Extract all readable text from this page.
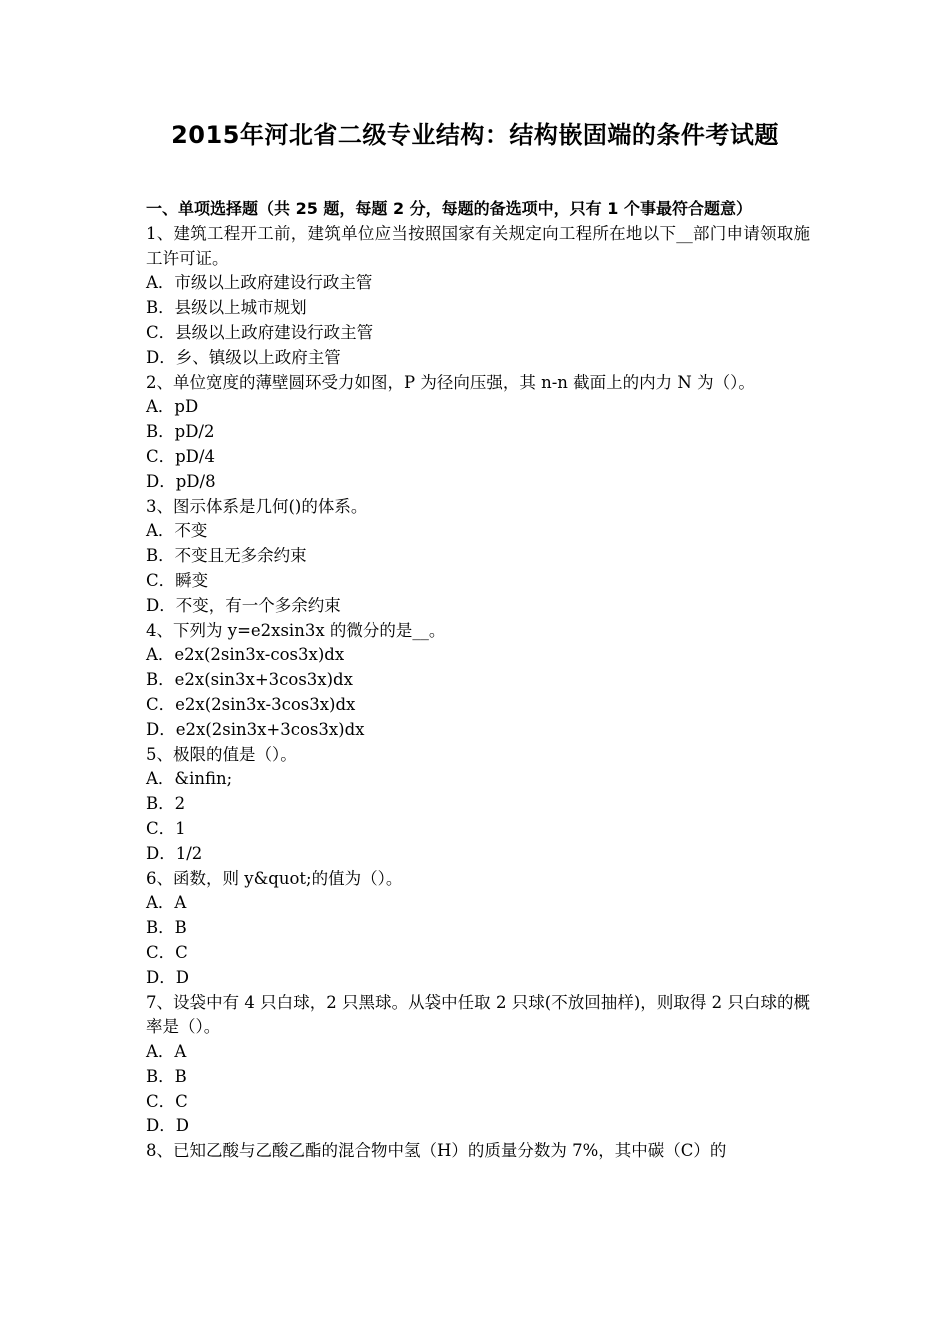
2015年河北省二级专业结构：结构嵌固端的条件考试题

一、单项选择题（共 25 题，每题 2 分，每题的备选项中，只有 1 个事最符合题意）

1、建筑工程开工前，建筑单位应当按照国家有关规定向工程所在地以下__部门申请领取施工许可证。
A．市级以上政府建设行政主管
B．县级以上城市规划
C．县级以上政府建设行政主管
D．乡、镇级以上政府主管
2、单位宽度的薄壁圆环受力如图，P 为径向压强，其 n-n 截面上的内力 N 为（）。
A．pD
B．pD/2
C．pD/4
D．pD/8
3、图示体系是几何()的体系。
A．不变
B．不变且无多余约束
C．瞬变
D．不变，有一个多余约束
4、下列为 y=e2xsin3x 的微分的是__。
A．e2x(2sin3x-cos3x)dx
B．e2x(sin3x+3cos3x)dx
C．e2x(2sin3x-3cos3x)dx
D．e2x(2sin3x+3cos3x)dx
5、极限的值是（）。
A．&infin;
B．2
C．1
D．1/2
6、函数，则 y&quot;的值为（）。
A．A
B．B
C．C
D．D
7、设袋中有 4 只白球，2 只黑球。从袋中任取 2 只球(不放回抽样)，则取得 2 只白球的概率是（）。
A．A
B．B
C．C
D．D
8、已知乙酸与乙酸乙酯的混合物中氢（H）的质量分数为 7%，其中碳（C）的
